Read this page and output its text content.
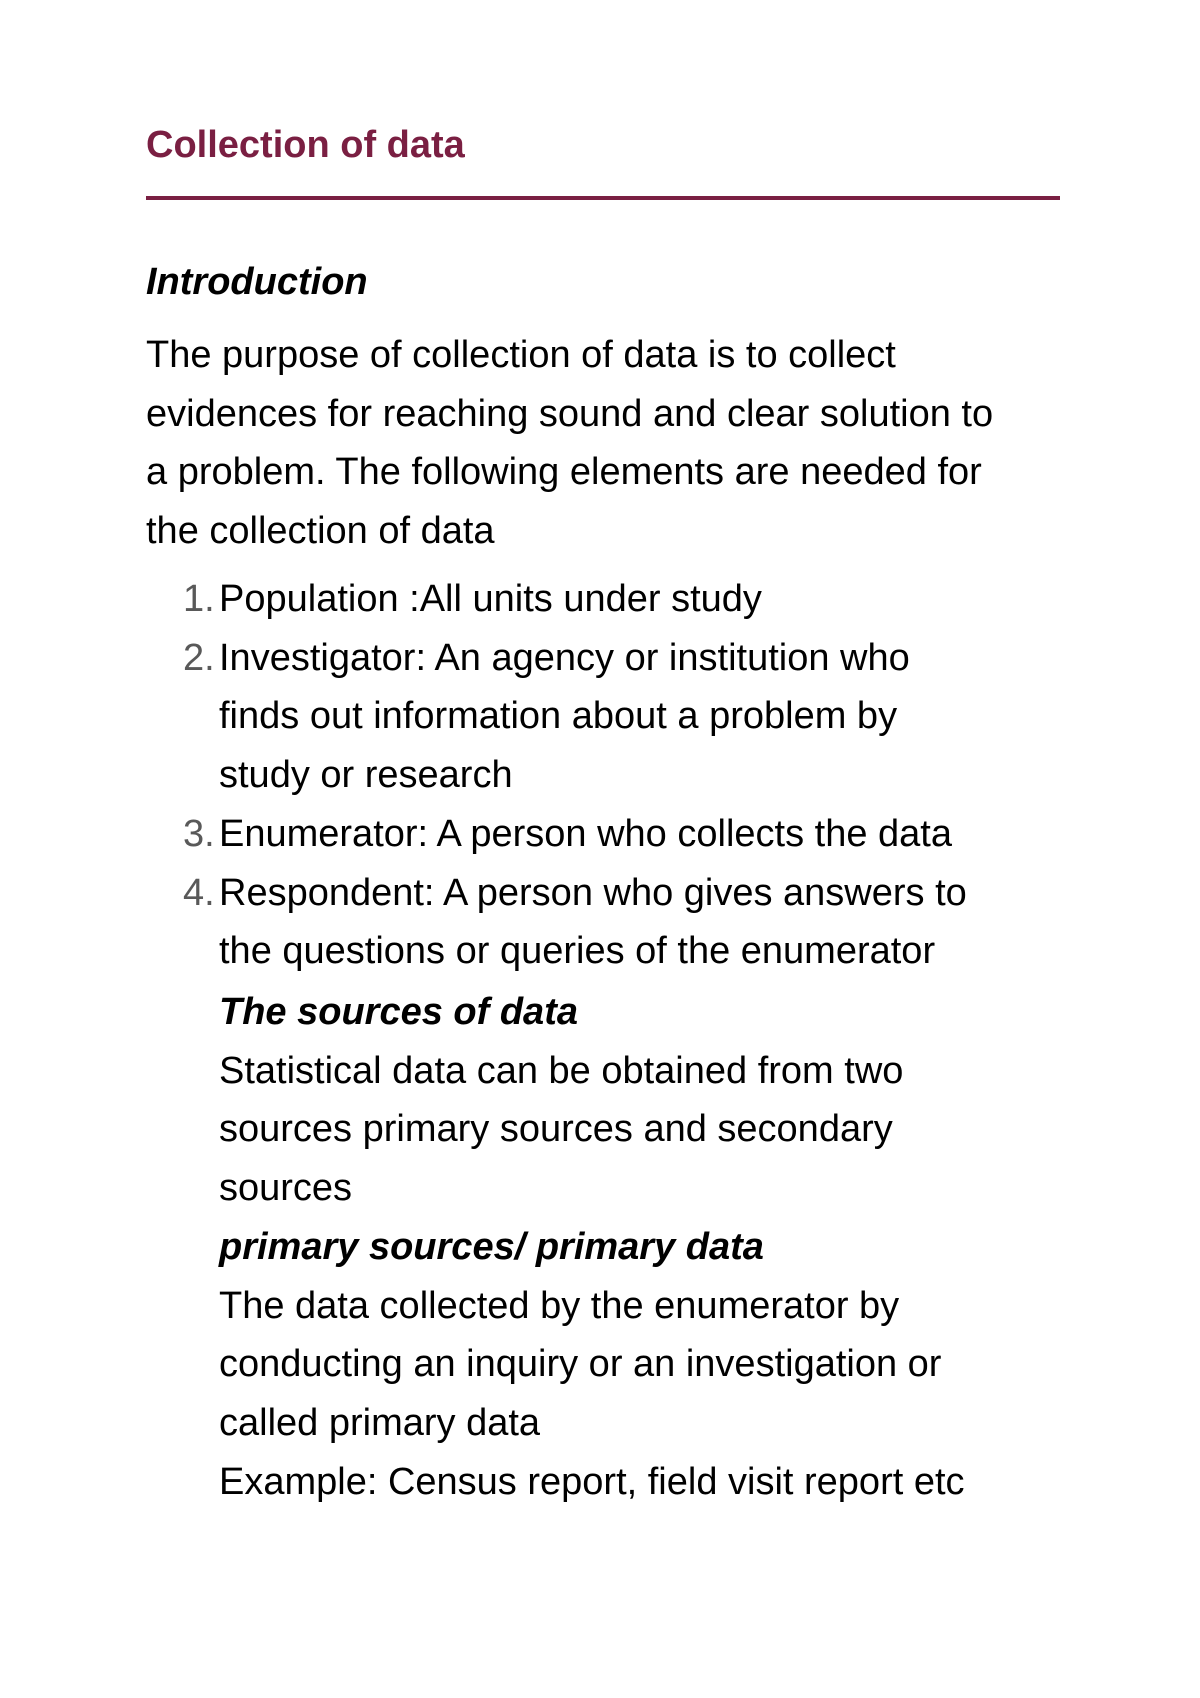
Collection of data
Introduction

The purpose of collection of data is to collect
evidences for reaching sound and clear solution to
a problem. The following elements are needed for
the collection of data

1. Population :All units under study
2. Investigator: An agency or institution who
finds out information about a problem by
study or research
3. Enumerator: A person who collects the data
4. Respondent: A person who gives answers to
the questions or queries of the enumerator
The sources of data
Statistical data can be obtained from two
sources primary sources and secondary
sources
primary sources/ primary data
The data collected by the enumerator by
conducting an inquiry or an investigation or
called primary data
Example: Census report, field visit report etc
